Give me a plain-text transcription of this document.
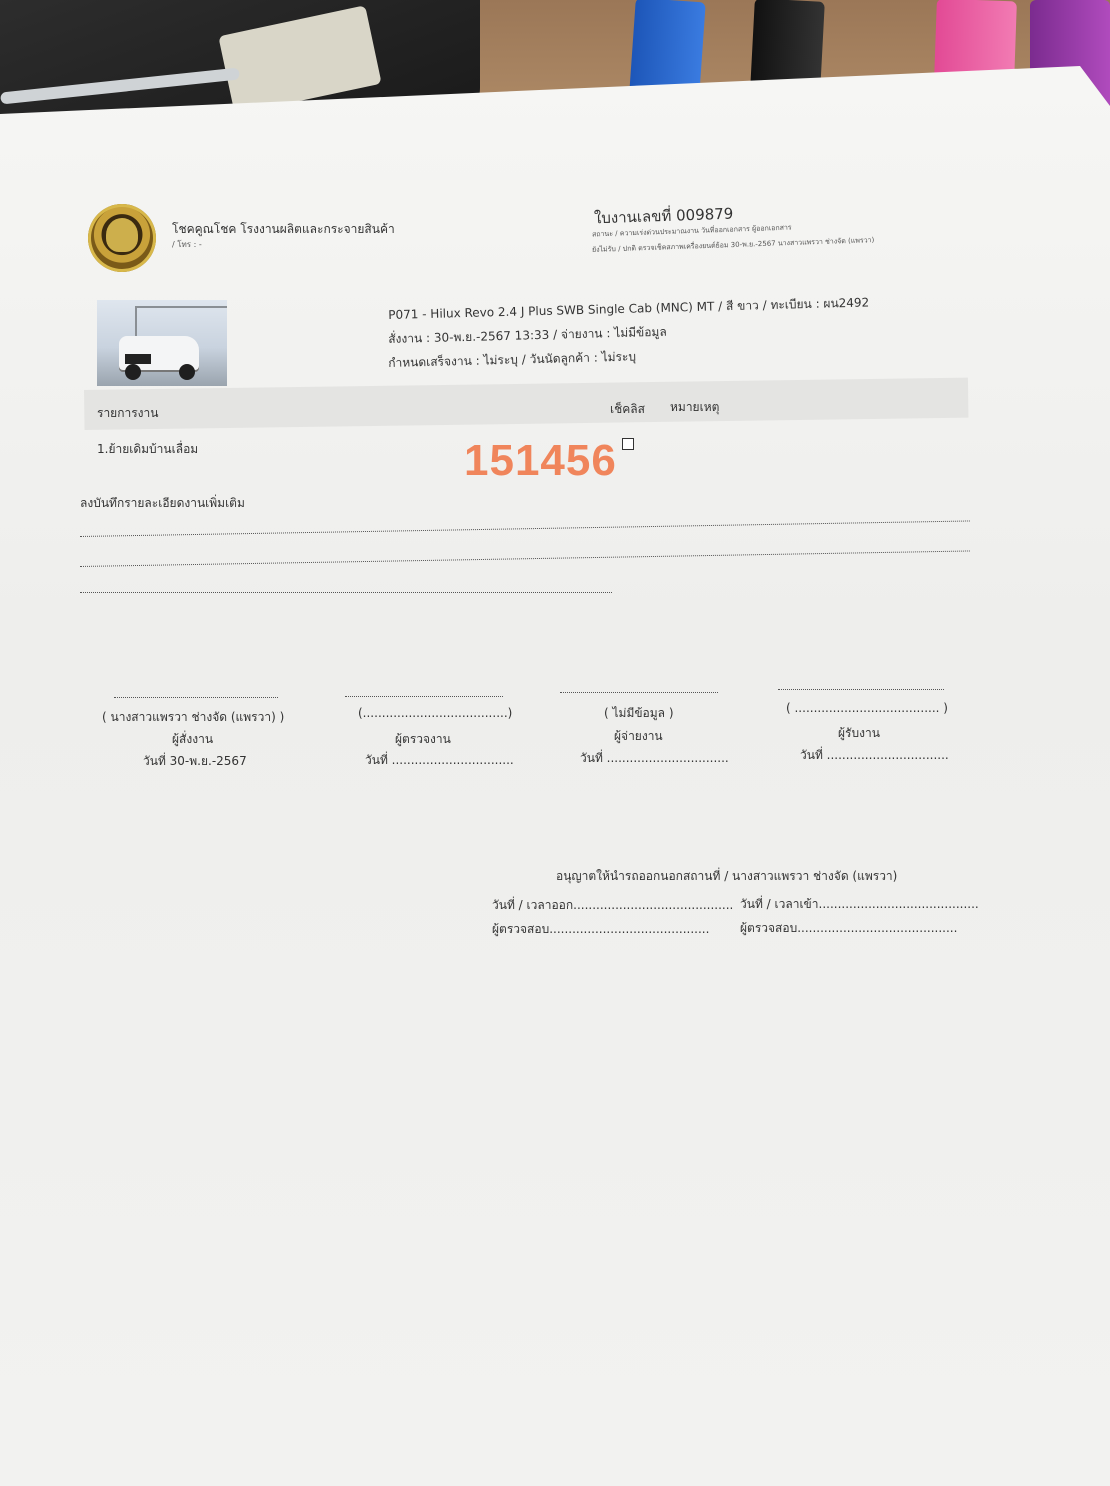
โชคคูณโชค โรงงานผลิตและกระจายสินค้า
/ โทร : -
ใบงานเลขที่ 009879
สถานะ / ความเร่งด่วนประมาณงาน วันที่ออกเอกสาร ผู้ออกเอกสาร
ยังไม่รับ / ปกติ ตรวจเช็คสภาพเครื่องยนต์ย้อม 30-พ.ย.-2567 นางสาวแพรวา ช่างจัด (แพรวา)
P071 - Hilux Revo 2.4 J Plus SWB Single Cab (MNC) MT / สี ขาว / ทะเบียน : ผน2492
สั่งงาน : 30-พ.ย.-2567 13:33 / จ่ายงาน : ไม่มีข้อมูล
กำหนดเสร็จงาน : ไม่ระบุ / วันนัดลูกค้า : ไม่ระบุ
รายการงาน	เช็คลิส หมายเหตุ
1.ย้ายเดิมบ้านเลื่อม	151456
ลงบันทึกรายละเอียดงานเพิ่มเติม
( นางสาวแพรวา ช่างจัด (แพรวา) )
ผู้สั่งงาน
วันที่ 30-พ.ย.-2567
(......................................)
ผู้ตรวจงาน
วันที่ ................................
( ไม่มีข้อมูล )
ผู้จ่ายงาน
วันที่ ................................
( ...................................... )
ผู้รับงาน
วันที่ ................................
อนุญาตให้นำรถออกนอกสถานที่ / นางสาวแพรวา ช่างจัด (แพรวา)
วันที่ / เวลาออก.......................................... วันที่ / เวลาเข้า..........................................
ผู้ตรวจสอบ..........................................	ผู้ตรวจสอบ..........................................
